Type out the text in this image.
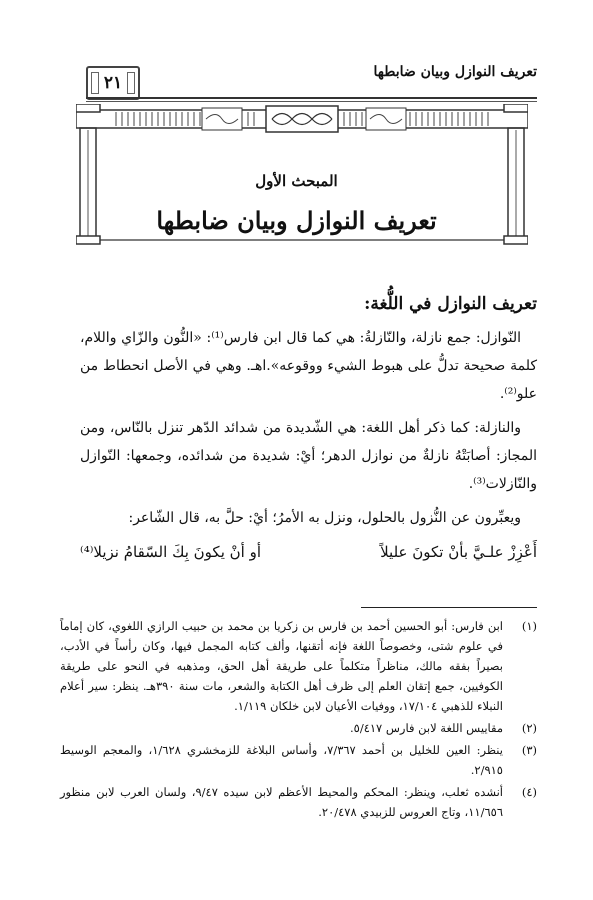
تعريف النوازل وبيان ضابطها
٢١
المبحث الأول
تعريف النوازل وبيان ضابطها
تعريف النوازل في اللُّغة:

النّوازل: جمع نازلة، والنّازلةُ: هي كما قال ابن فارس⁽¹⁾: «النُّون والزّاي واللام، كلمة صحيحة تدلُّ على هبوط الشيء ووقوعه».اهـ. وهي في الأصل انحطاط من علو⁽²⁾.

والنازلة: كما ذكر أهل اللغة: هي الشّديدة من شدائد الدّهر تنزل بالنّاس، ومن المجاز: أصابَتْهُ نازلةٌ من نوازل الدهر؛ أيْ: شديدة من شدائده، وجمعها: النّوازل والنّازلات⁽³⁾.

ويعبِّرون عن النُّزول بالحلول، ونزل به الأمرُ؛ أيْ: حلَّ به، قال الشّاعر:

أَعْزِزْ علـيَّ بأنْ تكونَ عليلاً
أو أنْ يكونَ بِكَ السّقامُ نزيلا⁽⁴⁾
(١)
ابن فارس: أبو الحسين أحمد بن فارس بن زكريا بن محمد بن حبيب الرازي اللغوي، كان إماماً في علوم شتى، وخصوصاً اللغة فإنه أتقنها، وألف كتابه المجمل فيها، وكان رأساً في الأدب، بصيراً بفقه مالك، مناظراً متكلماً على طريقة أهل الحق، ومذهبه في النحو على طريقة الكوفيين، جمع إتقان العلم إلى ظرف أهل الكتابة والشعر، مات سنة ٣٩٠هـ. ينظر: سير أعلام النبلاء للذهبي ١٧/١٠٤، ووفيات الأعيان لابن خلكان ١/١١٩.
(٢)
مقاييس اللغة لابن فارس ٥/٤١٧.
(٣)
ينظر: العين للخليل بن أحمد ٧/٣٦٧، وأساس البلاغة للزمخشري ١/٦٢٨، والمعجم الوسيط ٢/٩١٥.
(٤)
أنشده ثعلب، وينظر: المحكم والمحيط الأعظم لابن سيده ٩/٤٧، ولسان العرب لابن منظور ١١/٦٥٦، وتاج العروس للزبيدي ٢٠/٤٧٨.
